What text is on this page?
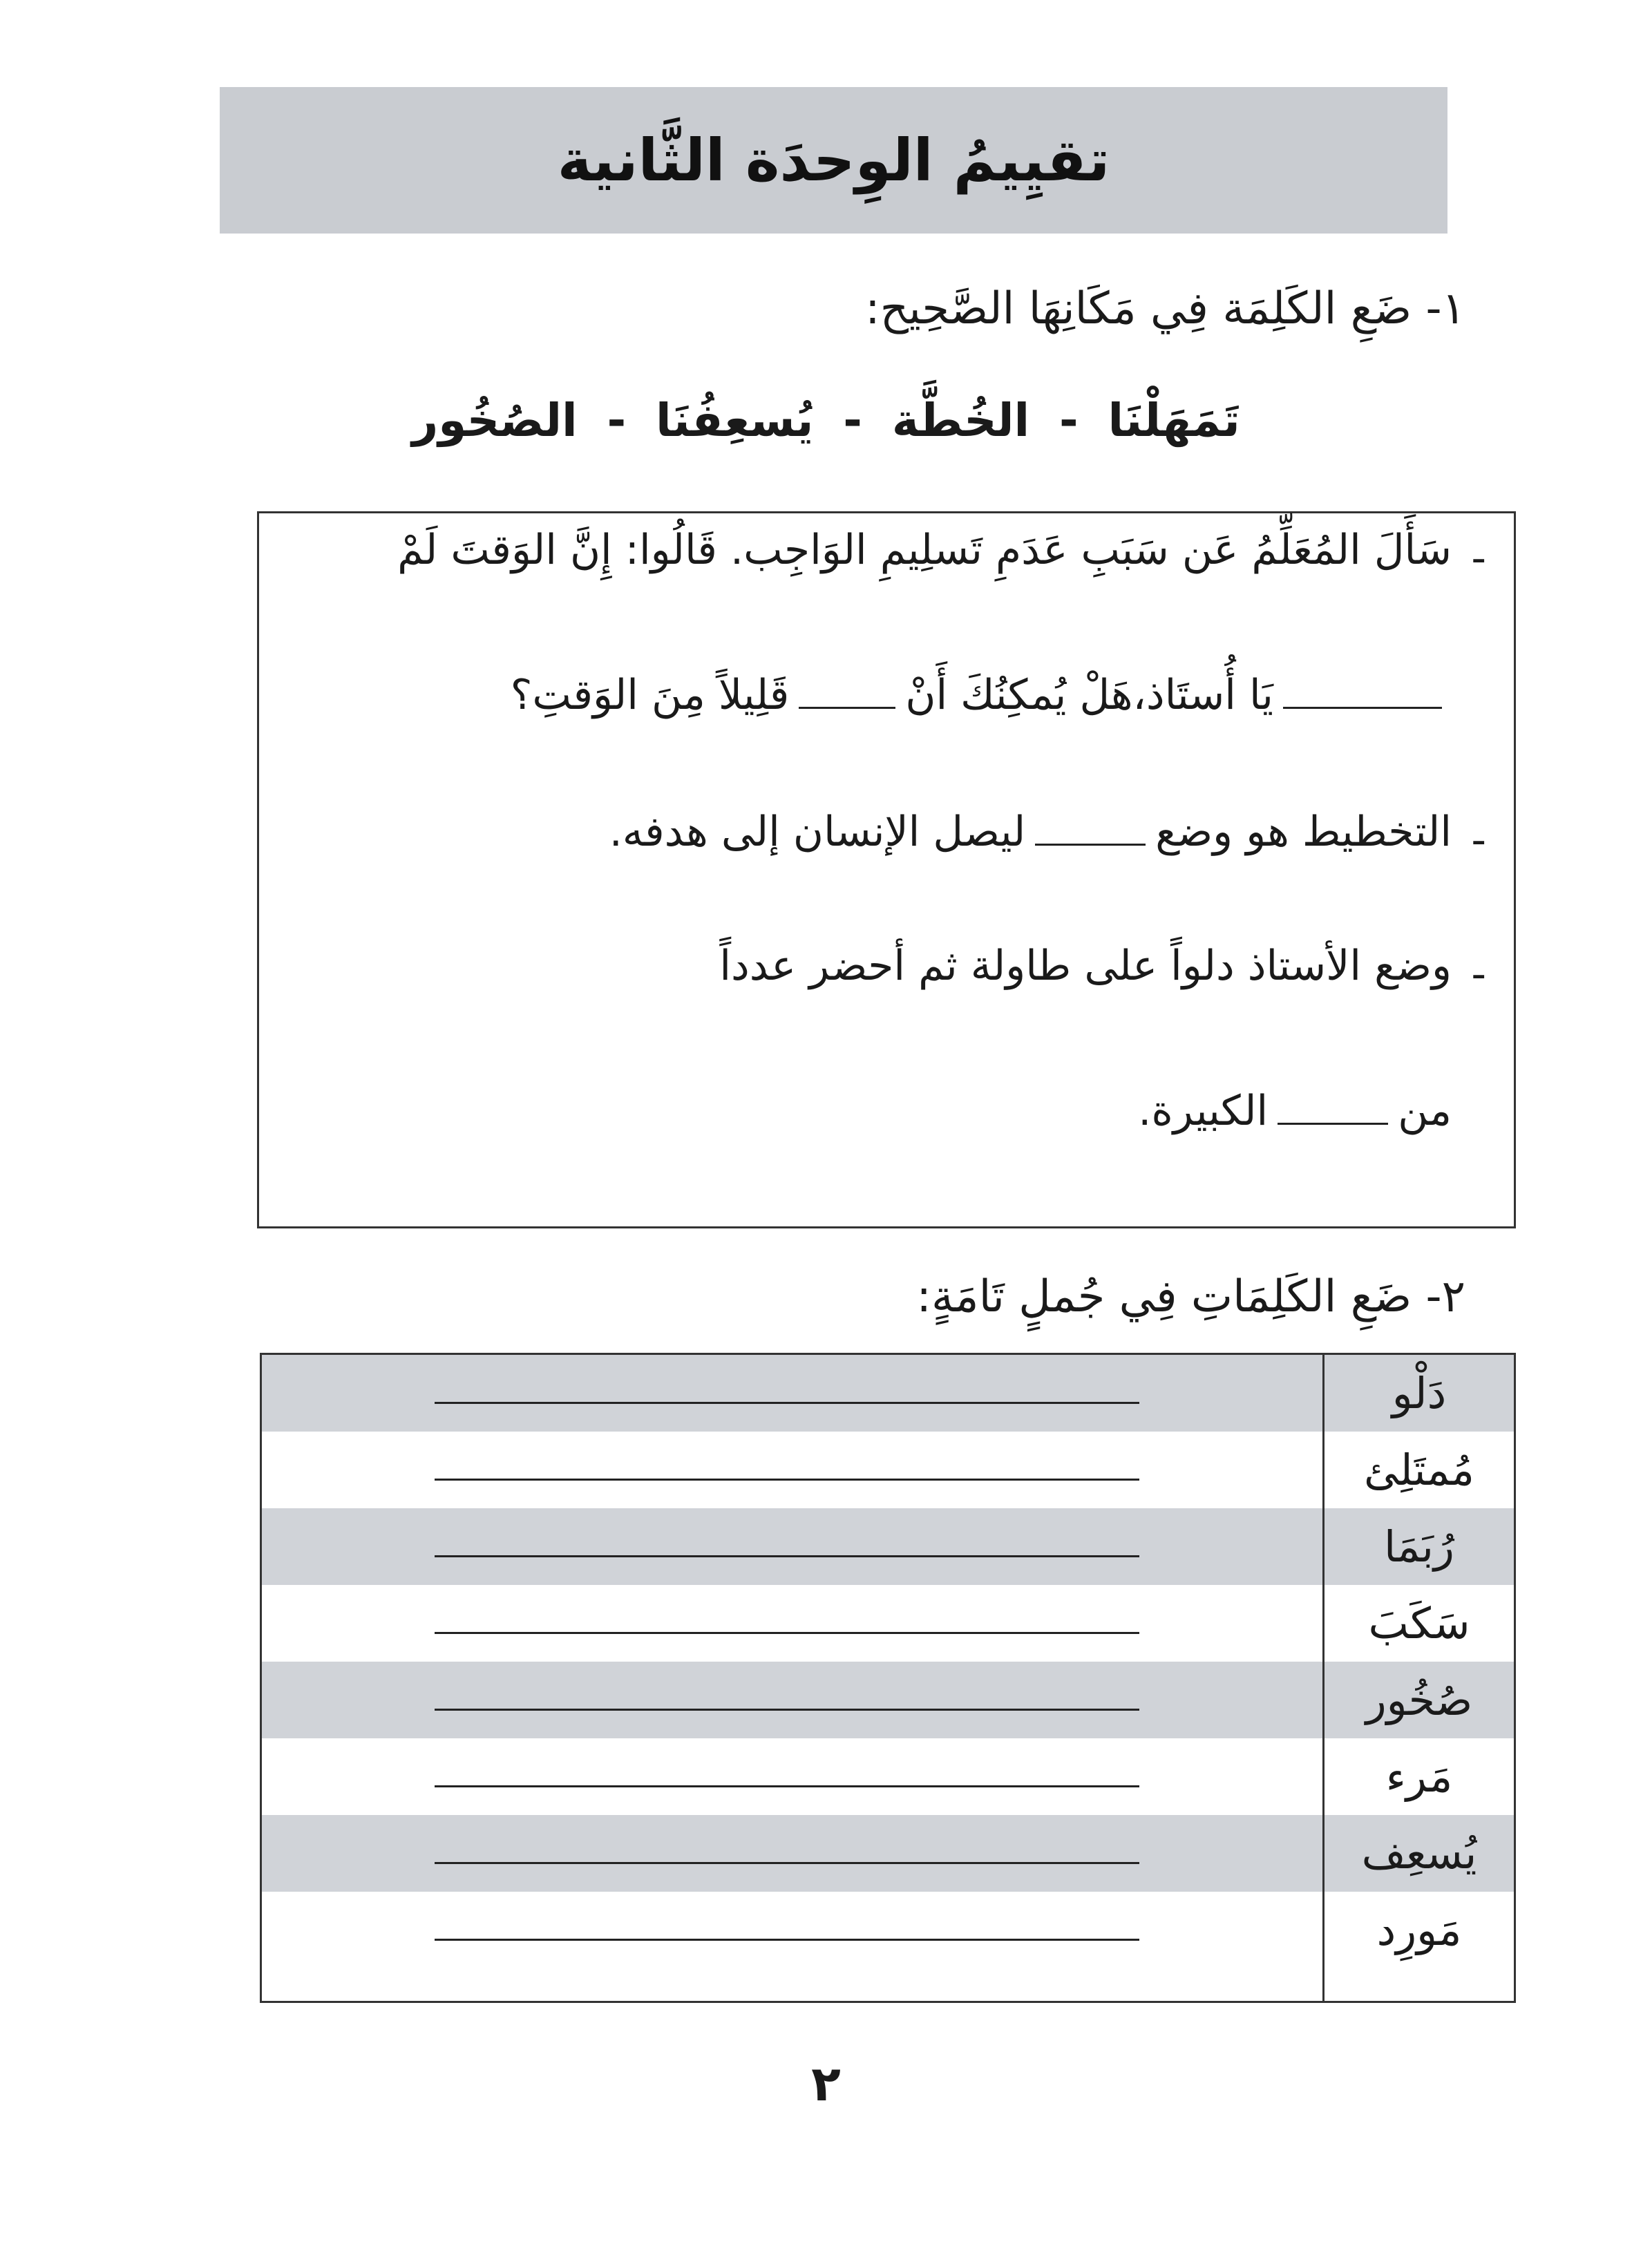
تقيِيمُ الوِحدَة الثَّانية

١- ضَعِ الكَلِمَة فِي مَكَانِهَا الصَّحِيح:

تَمَهَلْنَا - الخُطَّة - يُسعِفُنَا - الصُخُور
-

سَأَلَ المُعَلِّمُ عَن سَبَبِ عَدَمِ تَسلِيمِ الوَاجِب. قَالُوا: إِنَّ الوَقتَ لَمْ

يَا أُستَاذ،هَلْ يُمكِنُكَ أَنْقَلِيلاً مِنَ الوَقتِ؟

-

التخطيط هو وضعليصل الإنسان إلى هدفه.

-

وضع الأستاذ دلواً على طاولة ثم أحضر عدداً

منالكبيرة.

٢- ضَعِ الكَلِمَاتِ فِي جُملٍ تَامَةٍ:

دَلْو
مُمتَلِئ
رُبَمَا
سَكَبَ
صُخُور
مَرء
يُسعِف
مَورِد
٢
